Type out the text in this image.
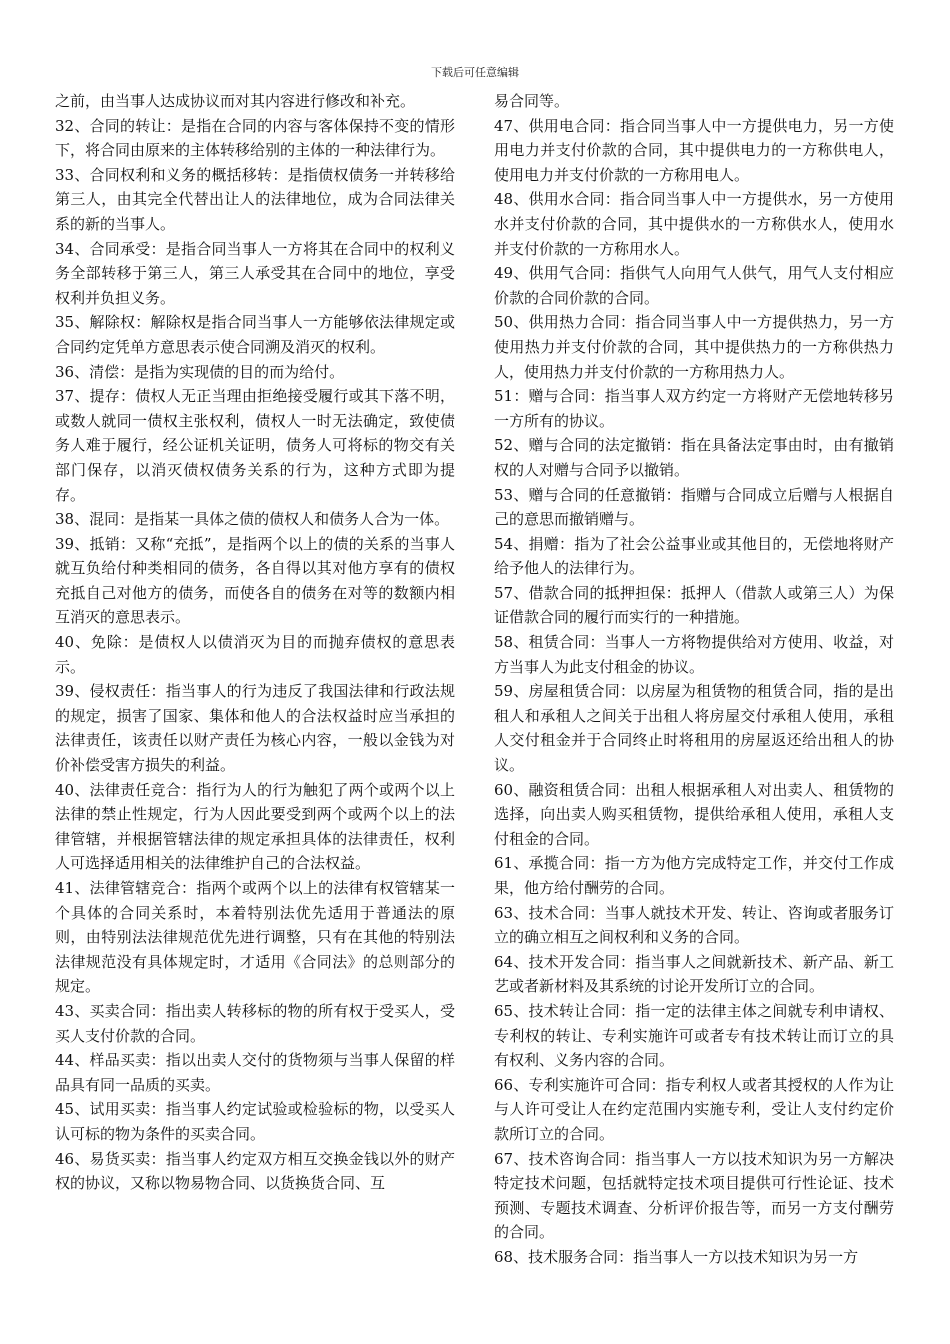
下载后可任意编辑

之前，由当事人达成协议而对其内容进行修改和补充。

32、合同的转让：是指在合同的内容与客体保持不变的情形下，将合同由原来的主体转移给别的主体的一种法律行为。

33、合同权利和义务的概括移转：是指债权债务一并转移给第三人，由其完全代替出让人的法律地位，成为合同法律关系的新的当事人。

34、合同承受：是指合同当事人一方将其在合同中的权利义务全部转移于第三人，第三人承受其在合同中的地位，享受权利并负担义务。

35、解除权：解除权是指合同当事人一方能够依法律规定或合同约定凭单方意思表示使合同溯及消灭的权利。

36、清偿：是指为实现债的目的而为给付。

37、提存：债权人无正当理由拒绝接受履行或其下落不明，或数人就同一债权主张权利，债权人一时无法确定，致使债务人难于履行，经公证机关证明，债务人可将标的物交有关部门保存，以消灭债权债务关系的行为，这种方式即为提存。

38、混同：是指某一具体之债的债权人和债务人合为一体。

39、抵销：又称“充抵”，是指两个以上的债的关系的当事人就互负给付种类相同的债务，各自得以其对他方享有的债权充抵自己对他方的债务，而使各自的债务在对等的数额内相互消灭的意思表示。

40、免除：是债权人以债消灭为目的而抛弃债权的意思表示。

39、侵权责任：指当事人的行为违反了我国法律和行政法规的规定，损害了国家、集体和他人的合法权益时应当承担的法律责任，该责任以财产责任为核心内容，一般以金钱为对价补偿受害方损失的利益。

40、法律责任竞合：指行为人的行为触犯了两个或两个以上法律的禁止性规定，行为人因此要受到两个或两个以上的法律管辖，并根据管辖法律的规定承担具体的法律责任，权利人可选择适用相关的法律维护自己的合法权益。

41、法律管辖竞合：指两个或两个以上的法律有权管辖某一个具体的合同关系时，本着特别法优先适用于普通法的原则，由特别法法律规范优先进行调整，只有在其他的特别法法律规范没有具体规定时，才适用《合同法》的总则部分的规定。

43、买卖合同：指出卖人转移标的物的所有权于受买人，受买人支付价款的合同。

44、样品买卖：指以出卖人交付的货物须与当事人保留的样品具有同一品质的买卖。

45、试用买卖：指当事人约定试验或检验标的物，以受买人认可标的物为条件的买卖合同。

46、易货买卖：指当事人约定双方相互交换金钱以外的财产权的协议，又称以物易物合同、以货换货合同、互

易合同等。

47、供用电合同：指合同当事人中一方提供电力，另一方使用电力并支付价款的合同，其中提供电力的一方称供电人，使用电力并支付价款的一方称用电人。

48、供用水合同：指合同当事人中一方提供水，另一方使用水并支付价款的合同，其中提供水的一方称供水人，使用水并支付价款的一方称用水人。

49、供用气合同：指供气人向用气人供气，用气人支付相应价款的合同价款的合同。

50、供用热力合同：指合同当事人中一方提供热力，另一方使用热力并支付价款的合同，其中提供热力的一方称供热力人，使用热力并支付价款的一方称用热力人。

51：赠与合同：指当事人双方约定一方将财产无偿地转移另一方所有的协议。

52、赠与合同的法定撤销：指在具备法定事由时，由有撤销权的人对赠与合同予以撤销。

53、赠与合同的任意撤销：指赠与合同成立后赠与人根据自己的意思而撤销赠与。

54、捐赠：指为了社会公益事业或其他目的，无偿地将财产给予他人的法律行为。

57、借款合同的抵押担保：抵押人（借款人或第三人）为保证借款合同的履行而实行的一种措施。

58、租赁合同：当事人一方将物提供给对方使用、收益，对方当事人为此支付租金的协议。

59、房屋租赁合同：以房屋为租赁物的租赁合同，指的是出租人和承租人之间关于出租人将房屋交付承租人使用，承租人交付租金并于合同终止时将租用的房屋返还给出租人的协议。

60、融资租赁合同：出租人根据承租人对出卖人、租赁物的选择，向出卖人购买租赁物，提供给承租人使用，承租人支付租金的合同。

61、承揽合同：指一方为他方完成特定工作，并交付工作成果，他方给付酬劳的合同。

63、技术合同：当事人就技术开发、转让、咨询或者服务订立的确立相互之间权利和义务的合同。

64、技术开发合同：指当事人之间就新技术、新产品、新工艺或者新材料及其系统的讨论开发所订立的合同。

65、技术转让合同：指一定的法律主体之间就专利申请权、专利权的转让、专利实施许可或者专有技术转让而订立的具有权利、义务内容的合同。

66、专利实施许可合同：指专利权人或者其授权的人作为让与人许可受让人在约定范围内实施专利，受让人支付约定价款所订立的合同。

67、技术咨询合同：指当事人一方以技术知识为另一方解决特定技术问题，包括就特定技术项目提供可行性论证、技术预测、专题技术调查、分析评价报告等，而另一方支付酬劳的合同。

68、技术服务合同：指当事人一方以技术知识为另一方
